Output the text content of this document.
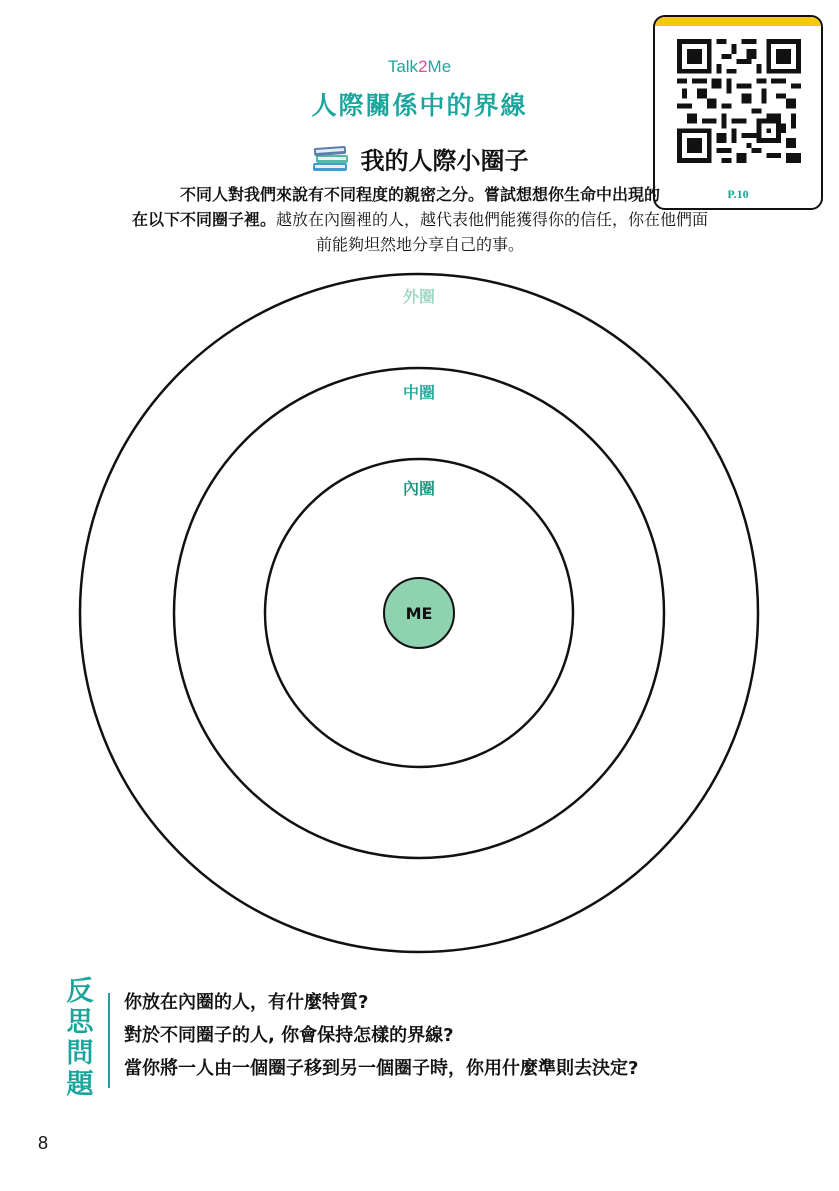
Talk2Me
人際關係中的界線
P.10
我的人際小圈子
不同人對我們來說有不同程度的親密之分。嘗試想想你生命中出現的
在以下不同圈子裡。越放在內圈裡的人，越代表他們能獲得你的信任，你在他們面
前能夠坦然地分享自己的事。
外圈
中圈
內圈
ME
反
思
問
題
你放在內圈的人，有什麼特質?
對於不同圈子的人, 你會保持怎樣的界線?
當你將一人由一個圈子移到另一個圈子時，你用什麼準則去決定?
8
